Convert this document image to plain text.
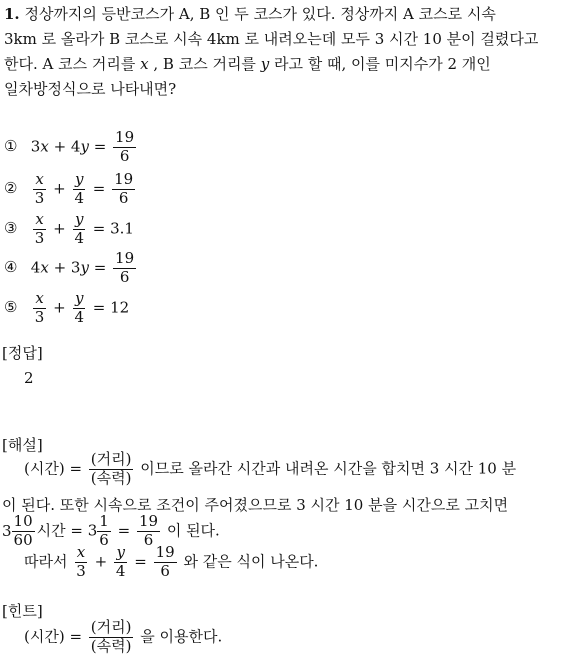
1. 정상까지의 등반코스가 A, B 인 두 코스가 있다. 정상까지 A 코스로 시속
3km 로 올라가 B 코스로 시속 4km 로 내려오는데 모두 3 시간 10 분이 걸렸다고
한다. A 코스 거리를 x , B 코스 거리를 y 라고 할 때, 이를 미지수가 2 개인
일차방정식으로 나타내면?
① $3x + 4y = \frac{19}{6}$
② $\frac{x}{3} + \frac{y}{4} = \frac{19}{6}$
③ $\frac{x}{3} + \frac{y}{4} = 3.1$
④ $4x + 3y = \frac{19}{6}$
⑤ $\frac{x}{3} + \frac{y}{4} = 12$
[정답]
2
[해설]
(시간) = $\frac{\text{(거리)}}{\text{(속력)}}$ 이므로 올라간 시간과 내려온 시간을 합치면 3 시간 10 분
이 된다. 또한 시속으로 조건이 주어졌으므로 3 시간 10 분을 시간으로 고치면
$3 \frac{10}{60}$ 시간 = $3 \frac{1}{6} = \frac{19}{6}$ 이 된다.
따라서 $\frac{x}{3} + \frac{y}{4} = \frac{19}{6}$ 와 같은 식이 나온다.
[힌트]
(시간) = $\frac{\text{(거리)}}{\text{(속력)}}$ 을 이용한다.
